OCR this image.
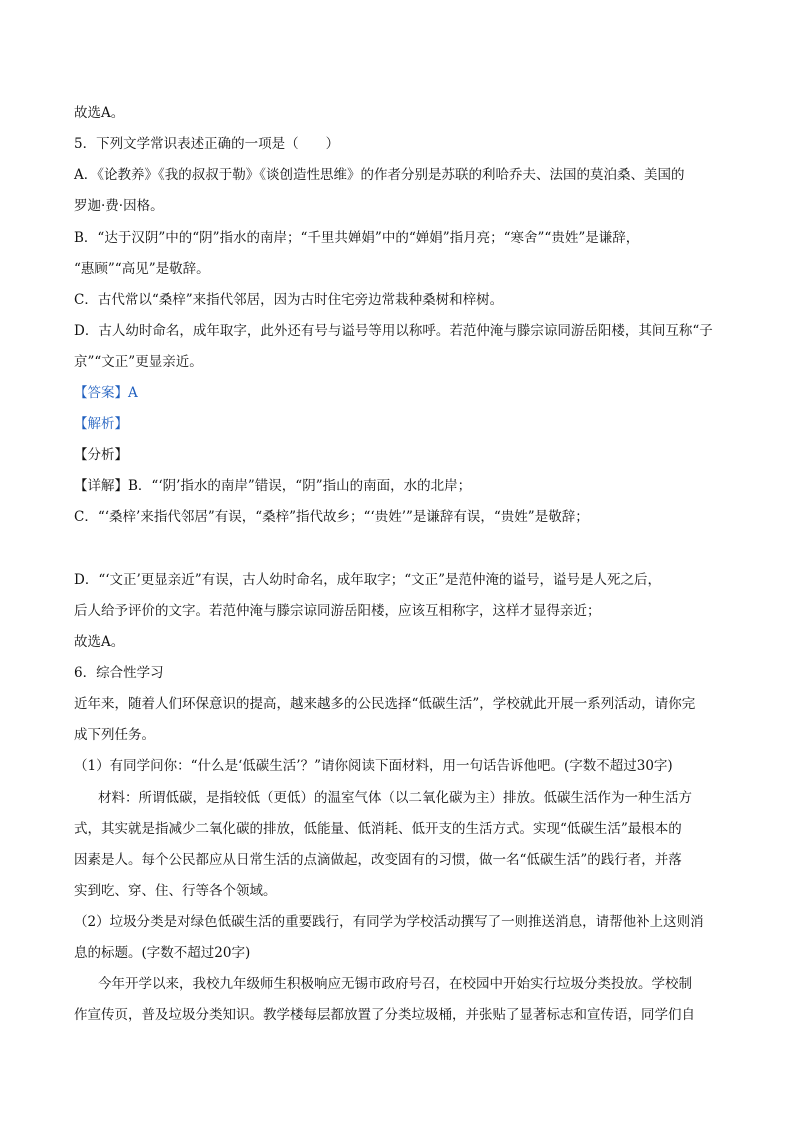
故选A。
5．下列文学常识表述正确的一项是（　　）
A．《论教养》《我的叔叔于勒》《谈创造性思维》的作者分别是苏联的利哈乔夫、法国的莫泊桑、美国的
罗迦·费·因格。
B．“达于汉阴”中的“阴”指水的南岸；“千里共婵娟”中的“婵娟”指月亮；“寒舍”“贵姓”是谦辞，
“惠顾”“高见”是敬辞。
C．古代常以“桑梓”来指代邻居，因为古时住宅旁边常栽种桑树和梓树。
D．古人幼时命名，成年取字，此外还有号与谥号等用以称呼。若范仲淹与滕宗谅同游岳阳楼，其间互称“子
京”“文正”更显亲近。
【答案】A
【解析】
【分析】
【详解】B．“‘阴’指水的南岸”错误，“阴”指山的南面，水的北岸；
C．“‘桑梓’来指代邻居”有误，“桑梓”指代故乡；“‘贵姓’”是谦辞有误，“贵姓”是敬辞；
D．“‘文正’更显亲近”有误，古人幼时命名，成年取字；“文正”是范仲淹的谥号，谥号是人死之后，
后人给予评价的文字。若范仲淹与滕宗谅同游岳阳楼，应该互相称字，这样才显得亲近；
故选A。
6．综合性学习
近年来，随着人们环保意识的提高，越来越多的公民选择“低碳生活”，学校就此开展一系列活动，请你完
成下列任务。
（1）有同学问你：“什么是‘低碳生活’？”请你阅读下面材料，用一句话告诉他吧。(字数不超过30字)
材料：所谓低碳，是指较低（更低）的温室气体（以二氧化碳为主）排放。低碳生活作为一种生活方
式，其实就是指减少二氧化碳的排放，低能量、低消耗、低开支的生活方式。实现“低碳生活”最根本的
因素是人。每个公民都应从日常生活的点滴做起，改变固有的习惯，做一名“低碳生活”的践行者，并落
实到吃、穿、住、行等各个领域。
（2）垃圾分类是对绿色低碳生活的重要践行，有同学为学校活动撰写了一则推送消息，请帮他补上这则消
息的标题。(字数不超过20字)
今年开学以来，我校九年级师生积极响应无锡市政府号召，在校园中开始实行垃圾分类投放。学校制
作宣传页，普及垃圾分类知识。教学楼每层都放置了分类垃圾桶，并张贴了显著标志和宣传语，同学们自
